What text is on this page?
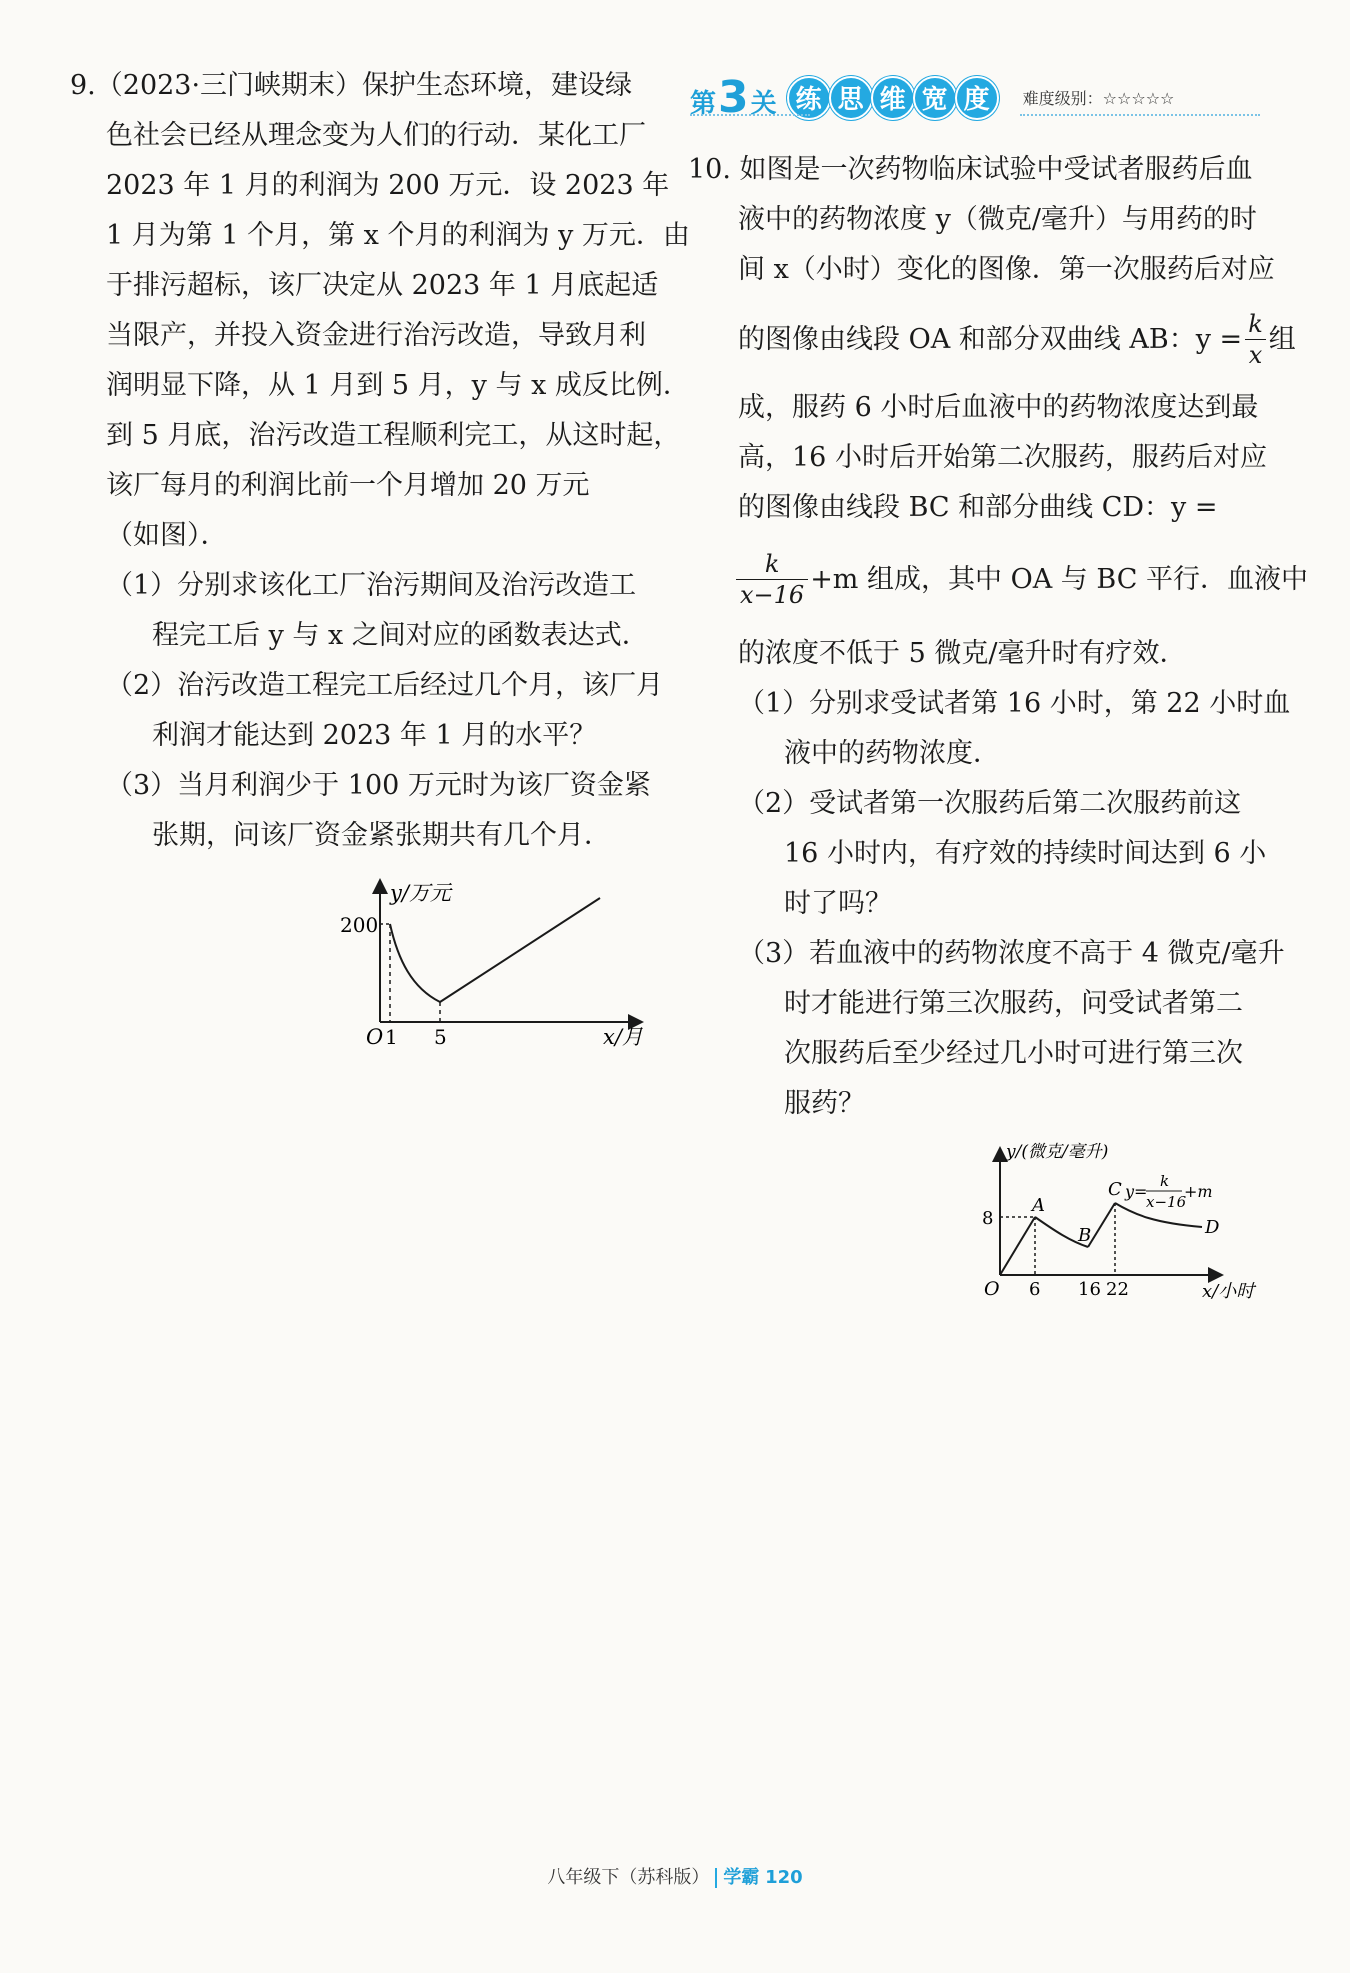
9.（2023·三门峡期末）保护生态环境，建设绿
色社会已经从理念变为人们的行动．某化工厂
2023 年 1 月的利润为 200 万元．设 2023 年
1 月为第 1 个月，第 x 个月的利润为 y 万元．由
于排污超标，该厂决定从 2023 年 1 月底起适
当限产，并投入资金进行治污改造，导致月利
润明显下降，从 1 月到 5 月，y 与 x 成反比例．
到 5 月底，治污改造工程顺利完工，从这时起，
该厂每月的利润比前一个月增加 20 万元
（如图）．
（1）分别求该化工厂治污期间及治污改造工
程完工后 y 与 x 之间对应的函数表达式．
（2）治污改造工程完工后经过几个月，该厂月
利润才能达到 2023 年 1 月的水平？
（3）当月利润少于 100 万元时为该厂资金紧
张期，问该厂资金紧张期共有几个月．
y/万元
200
O 1 5	x/月
第3关 练 思 维 宽 度	难度级别：☆☆☆☆☆
10. 如图是一次药物临床试验中受试者服药后血
液中的药物浓度 y（微克/毫升）与用药的时
间 x（小时）变化的图像．第一次服药后对应
的图像由线段 OA 和部分双曲线 AB：$y = \frac{k}{x}$ 组
成，服药 6 小时后血液中的药物浓度达到最
高，16 小时后开始第二次服药，服药后对应
的图像由线段 BC 和部分曲线 CD：y =
$\frac{k}{x-16} +m$ 组成，其中 OA 与 BC 平行．血液中
的浓度不低于 5 微克/毫升时有疗效．
（1）分别求受试者第 16 小时，第 22 小时血
液中的药物浓度．
（2）受试者第一次服药后第二次服药前这
16 小时内，有疗效的持续时间达到 6 小
时了吗？
（3）若血液中的药物浓度不高于 4 微克/毫升
时才能进行第三次服药，问受试者第二
次服药后至少经过几小时可进行第三次
服药？
y/(微克/毫升)
8
O 6 16 22	x/小时
A
B
C
D
y=
k
x−16
+m
八年级下（苏科版） 学霸 120
